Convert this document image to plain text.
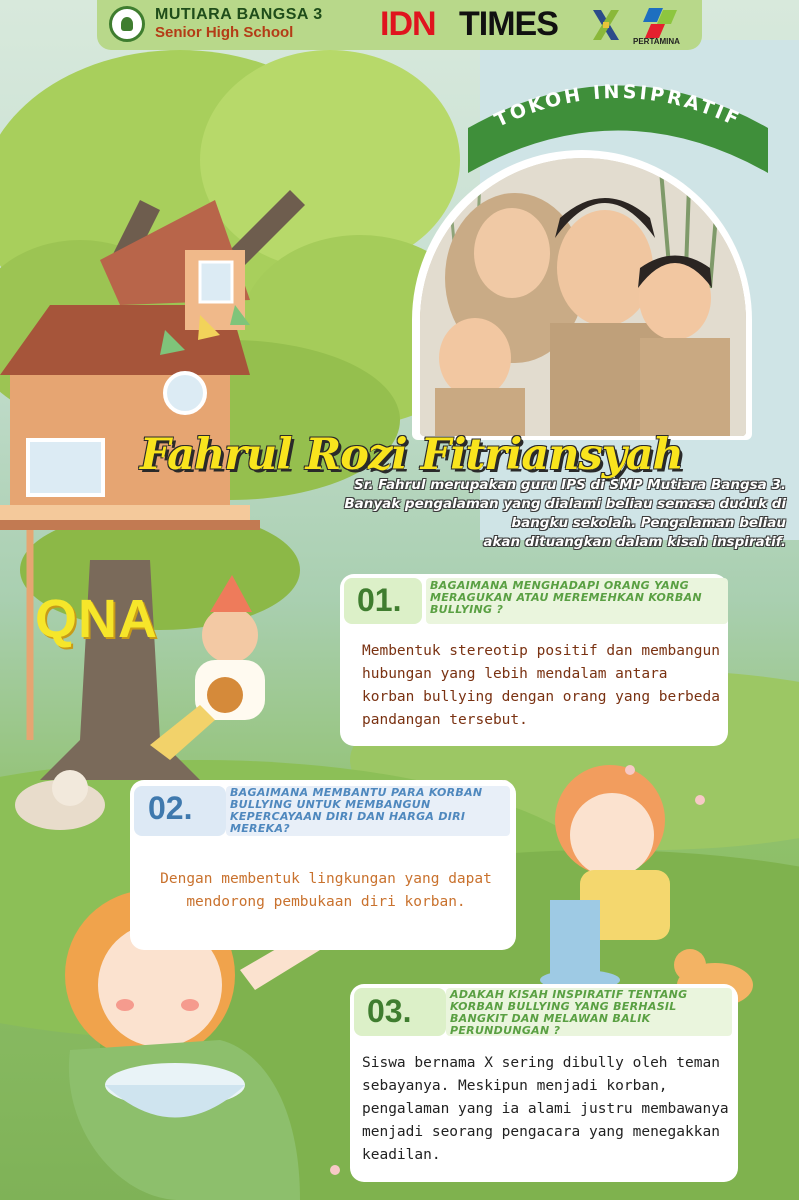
MUTIARA BANGSA 3
Senior High School	IDN TIMES	PERTAMINA
TOKOH INSIPRATIF
Fahrul Rozi Fitriansyah
Sr. Fahrul merupakan guru IPS di SMP Mutiara Bangsa 3.
Banyak pengalaman yang dialami beliau semasa duduk di
bangku sekolah. Pengalaman beliau
akan dituangkan dalam kisah inspiratif.
QNA	01.	BAGAIMANA MENGHADAPI ORANG YANG MERAGUKAN ATAU MEREMEHKAN KORBAN BULLYING ?
Membentuk stereotip positif dan membangun hubungan yang lebih mendalam antara korban bullying dengan orang yang berbeda pandangan tersebut.
02.	BAGAIMANA MEMBANTU PARA KORBAN BULLYING UNTUK MEMBANGUN KEPERCAYAAN DIRI DAN HARGA DIRI MEREKA?
Dengan membentuk lingkungan yang dapat mendorong pembukaan diri korban.
03.	ADAKAH KISAH INSPIRATIF TENTANG KORBAN BULLYING YANG BERHASIL BANGKIT DAN MELAWAN BALIK PERUNDUNGAN ?
Siswa bernama X sering dibully oleh teman sebayanya. Meskipun menjadi korban, pengalaman yang ia alami justru membawanya menjadi seorang pengacara yang menegakkan keadilan.
